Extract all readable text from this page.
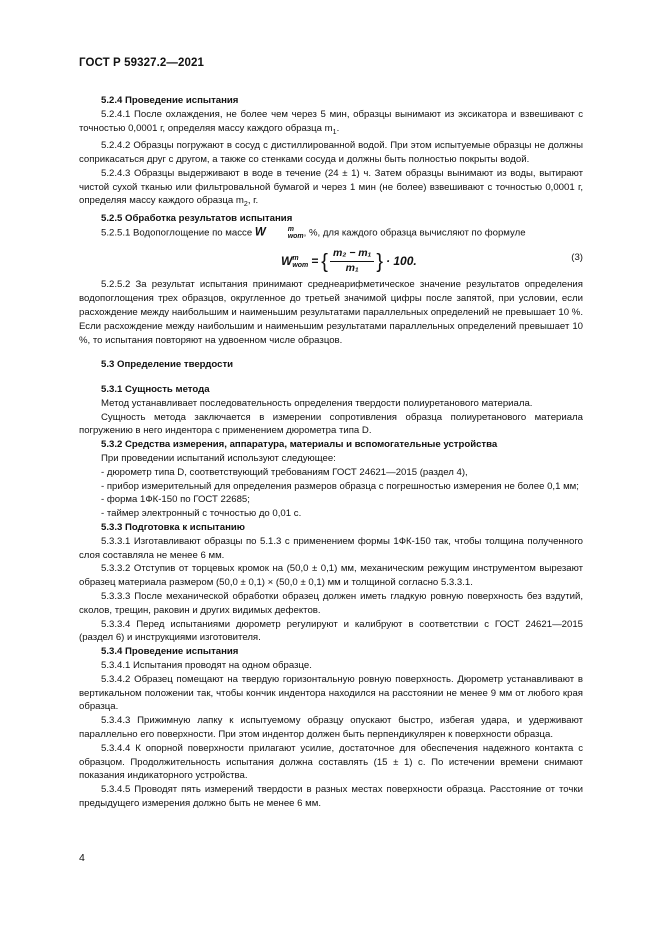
ГОСТ Р 59327.2—2021

5.2.4 Проведение испытания

5.2.4.1 После охлаждения, не более чем через 5 мин, образцы вынимают из эксикатора и взвешивают с точностью 0,0001 г, определяя массу каждого образца $m_1$.

5.2.4.2 Образцы погружают в сосуд с дистиллированной водой. При этом испытуемые образцы не должны соприкасаться друг с другом, а также со стенками сосуда и должны быть полностью покрыты водой.

5.2.4.3 Образцы выдерживают в воде в течение (24 ± 1) ч. Затем образцы вынимают из воды, вытирают чистой сухой тканью или фильтровальной бумагой и через 1 мин (не более) взвешивают с точностью 0,0001 г, определяя массу каждого образца $m_2$, г.

5.2.5 Обработка результатов испытания

5.2.5.1 Водопоглощение по массе W	m
wom , %, для каждого образца вычисляют по формуле

W m
wom = { $\frac{\text{m₂ − m₁}}{\text{m₁}}$ } · 100.	(3)

5.2.5.2 За результат испытания принимают среднеарифметическое значение результатов определения водопоглощения трех образцов, округленное до третьей значимой цифры после запятой, при условии, если расхождение между наибольшим и наименьшим результатами параллельных определений не превышает 10 %. Если расхождение между наибольшим и наименьшим результатами параллельных определений превышает 10 %, то испытания повторяют на удвоенном числе образцов.

5.3 Определение твердости

5.3.1 Сущность метода

Метод устанавливает последовательность определения твердости полиуретанового материала.

Сущность метода заключается в измерении сопротивления образца полиуретанового материала погружению в него индентора с применением дюрометра типа D.

5.3.2 Средства измерения, аппаратура, материалы и вспомогательные устройства

При проведении испытаний используют следующее:

- дюрометр типа D, соответствующий требованиям ГОСТ 24621—2015 (раздел 4),

- прибор измерительный для определения размеров образца с погрешностью измерения не более 0,1 мм;

- форма 1ФК-150 по ГОСТ 22685;

- таймер электронный с точностью до 0,01 с.

5.3.3 Подготовка к испытанию

5.3.3.1 Изготавливают образцы по 5.1.3 с применением формы 1ФК-150 так, чтобы толщина полученного слоя составляла не менее 6 мм.

5.3.3.2 Отступив от торцевых кромок на (50,0 ± 0,1) мм, механическим режущим инструментом вырезают образец материала размером (50,0 ± 0,1) × (50,0 ± 0,1) мм и толщиной согласно 5.3.3.1.

5.3.3.3 После механической обработки образец должен иметь гладкую ровную поверхность без вздутий, сколов, трещин, раковин и других видимых дефектов.

5.3.3.4 Перед испытаниями дюрометр регулируют и калибруют в соответствии с ГОСТ 24621—2015 (раздел 6) и инструкциями изготовителя.

5.3.4 Проведение испытания

5.3.4.1 Испытания проводят на одном образце.

5.3.4.2 Образец помещают на твердую горизонтальную ровную поверхность. Дюрометр устанавливают в вертикальном положении так, чтобы кончик индентора находился на расстоянии не менее 9 мм от любого края образца.

5.3.4.3 Прижимную лапку к испытуемому образцу опускают быстро, избегая удара, и удерживают параллельно его поверхности. При этом индентор должен быть перпендикулярен к поверхности образца.

5.3.4.4 К опорной поверхности прилагают усилие, достаточное для обеспечения надежного контакта с образцом. Продолжительность испытания должна составлять (15 ± 1) с. По истечении времени снимают показания индикаторного устройства.

5.3.4.5 Проводят пять измерений твердости в разных местах поверхности образца. Расстояние от точки предыдущего измерения должно быть не менее 6 мм.

4
